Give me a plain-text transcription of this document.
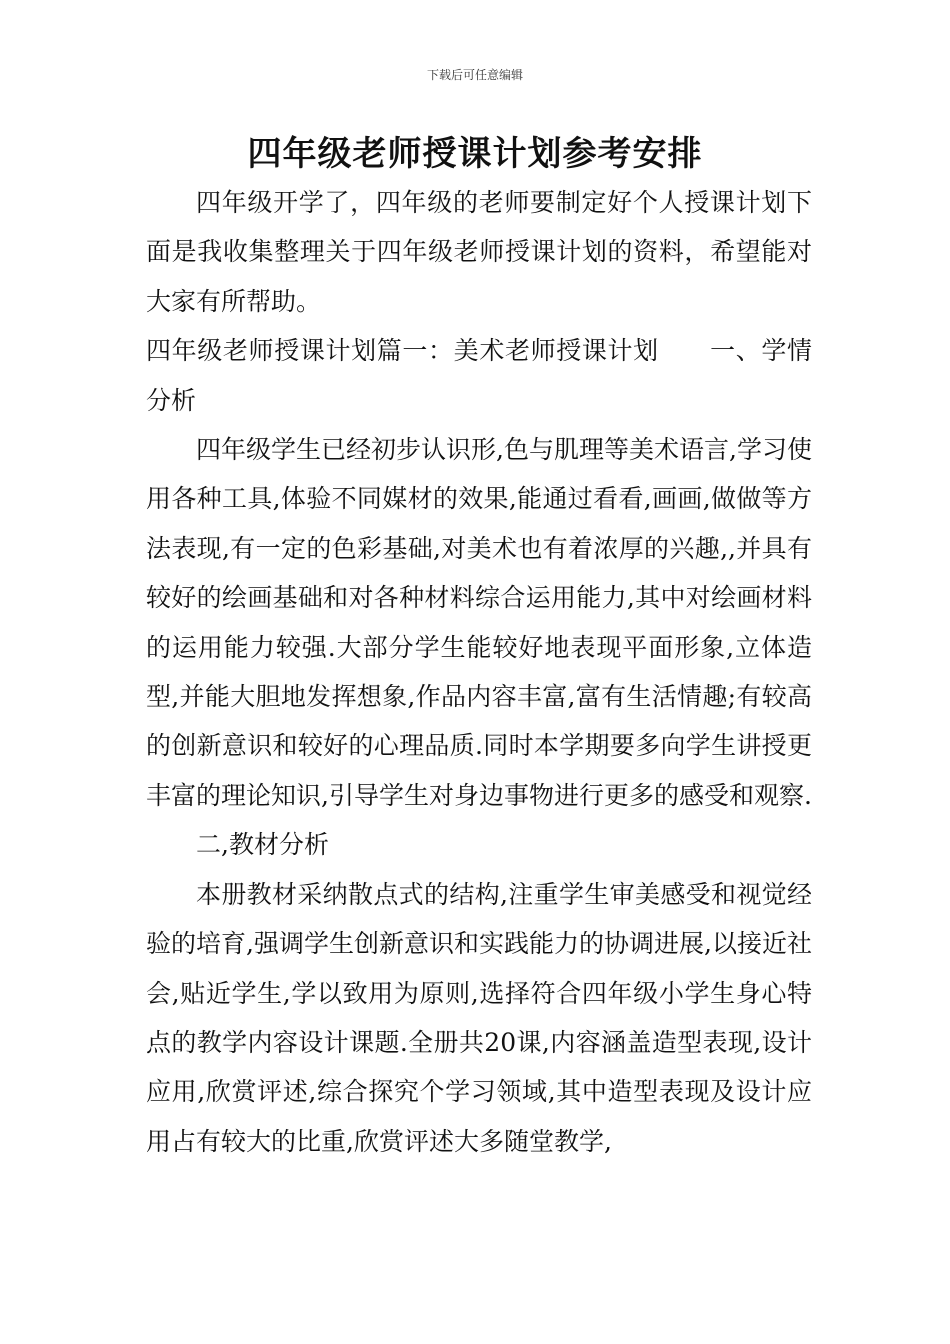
下载后可任意编辑
四年级老师授课计划参考安排

四年级开学了，四年级的老师要制定好个人授课计划下面是我收集整理关于四年级老师授课计划的资料，希望能对大家有所帮助。

四年级老师授课计划篇一：美术老师授课计划　　一、学情分析

四年级学生已经初步认识形,色与肌理等美术语言,学习使用各种工具,体验不同媒材的效果,能通过看看,画画,做做等方法表现,有一定的色彩基础,对美术也有着浓厚的兴趣,,并具有较好的绘画基础和对各种材料综合运用能力,其中对绘画材料的运用能力较强.大部分学生能较好地表现平面形象,立体造型,并能大胆地发挥想象,作品内容丰富,富有生活情趣;有较高的创新意识和较好的心理品质.同时本学期要多向学生讲授更丰富的理论知识,引导学生对身边事物进行更多的感受和观察.

二,教材分析

本册教材采纳散点式的结构,注重学生审美感受和视觉经验的培育,强调学生创新意识和实践能力的协调进展,以接近社会,贴近学生,学以致用为原则,选择符合四年级小学生身心特点的教学内容设计课题.全册共20课,内容涵盖造型表现,设计应用,欣赏评述,综合探究个学习领域,其中造型表现及设计应用占有较大的比重,欣赏评述大多随堂教学,
